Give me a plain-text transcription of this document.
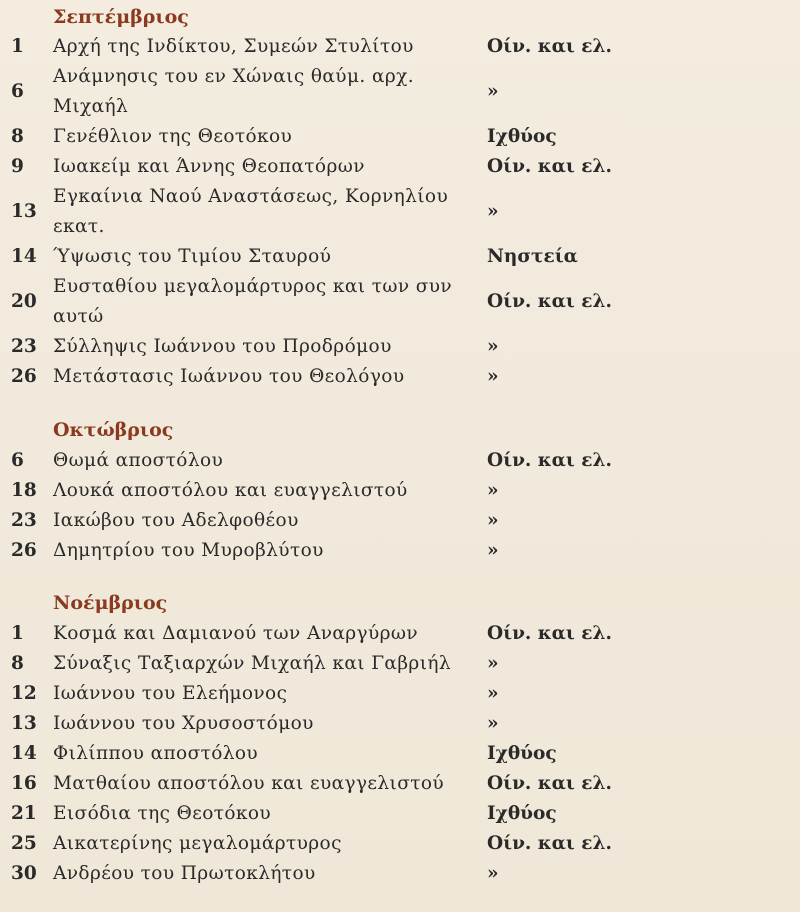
Σεπτέμβριος
1	Αρχή της Ινδίκτου, Συμεών Στυλίτου	Οίν. και ελ.
6	Ανάμνησις του εν Χώναις θαύμ. αρχ. Μιχαήλ	»
8	Γενέθλιον της Θεοτόκου	Ιχθύος
9	Ιωακείμ και Άννης Θεοπατόρων	Οίν. και ελ.
13	Εγκαίνια Ναού Αναστάσεως, Κορνηλίου εκατ.	»
14	Ύψωσις του Τιμίου Σταυρού	Νηστεία
20	Ευσταθίου μεγαλομάρτυρος και των συν αυτώ	Οίν. και ελ.
23	Σύλληψις Ιωάννου του Προδρόμου	»
26	Μετάστασις Ιωάννου του Θεολόγου	»
Οκτώβριος
6	Θωμά αποστόλου	Οίν. και ελ.
18	Λουκά αποστόλου και ευαγγελιστού	»
23	Ιακώβου του Αδελφοθέου	»
26	Δημητρίου του Μυροβλύτου	»
Νοέμβριος
1	Κοσμά και Δαμιανού των Αναργύρων	Οίν. και ελ.
8	Σύναξις Ταξιαρχών Μιχαήλ και Γαβριήλ	»
12	Ιωάννου του Ελεήμονος	»
13	Ιωάννου του Χρυσοστόμου	»
14	Φιλίππου αποστόλου	Ιχθύος
16	Ματθαίου αποστόλου και ευαγγελιστού	Οίν. και ελ.
21	Εισόδια της Θεοτόκου	Ιχθύος
25	Αικατερίνης μεγαλομάρτυρος	Οίν. και ελ.
30	Ανδρέου του Πρωτοκλήτου	»
